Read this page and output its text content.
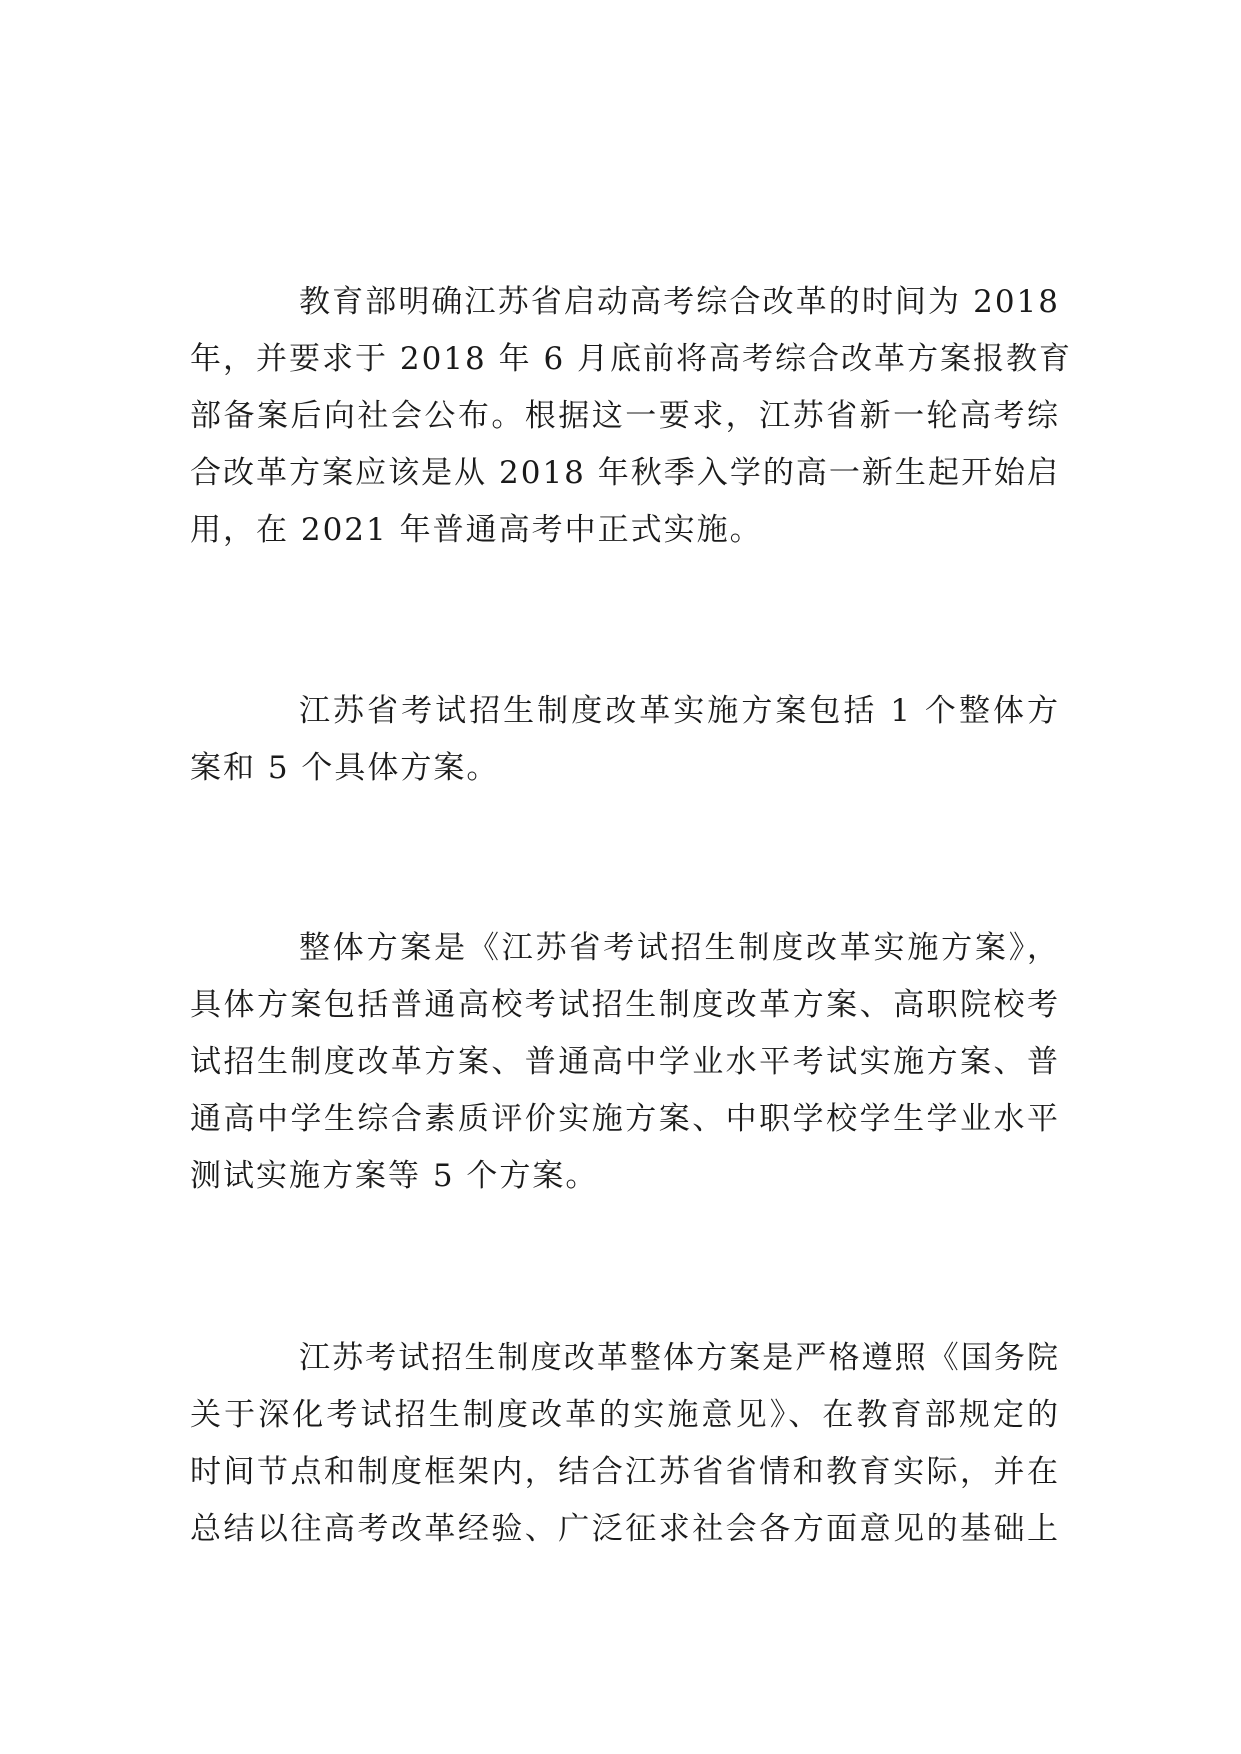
教育部明确江苏省启动高考综合改革的时间为 2018
年，并要求于 2018 年 6 月底前将高考综合改革方案报教育
部备案后向社会公布。根据这一要求，江苏省新一轮高考综
合改革方案应该是从 2018 年秋季入学的高一新生起开始启
用，在 2021 年普通高考中正式实施。

江苏省考试招生制度改革实施方案包括 1 个整体方
案和 5 个具体方案。

整体方案是《江苏省考试招生制度改革实施方案》，
具体方案包括普通高校考试招生制度改革方案、高职院校考
试招生制度改革方案、普通高中学业水平考试实施方案、普
通高中学生综合素质评价实施方案、中职学校学生学业水平
测试实施方案等 5 个方案。

江苏考试招生制度改革整体方案是严格遵照《国务院
关于深化考试招生制度改革的实施意见》、在教育部规定的
时间节点和制度框架内，结合江苏省省情和教育实际，并在
总结以往高考改革经验、广泛征求社会各方面意见的基础上
